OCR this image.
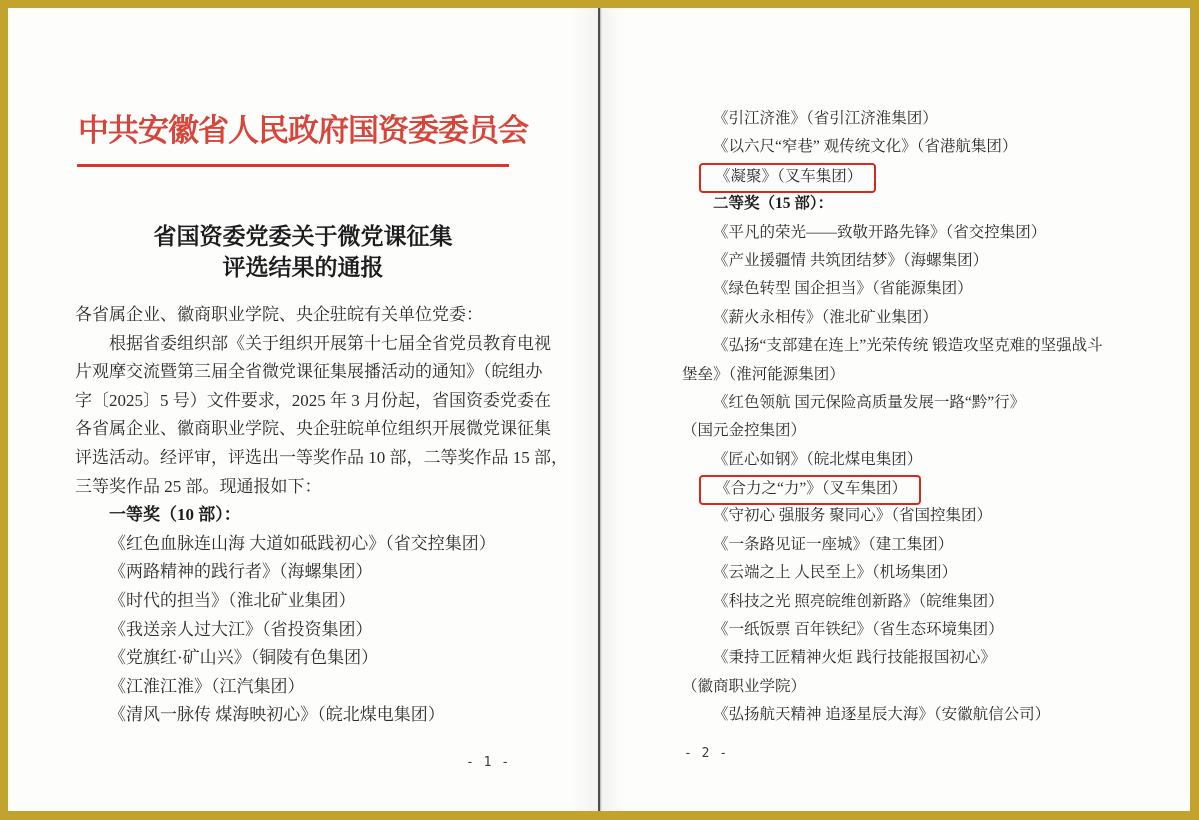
中共安徽省人民政府国资委委员会
省国资委党委关于微党课征集
评选结果的通报
各省属企业、徽商职业学院、央企驻皖有关单位党委：
根据省委组织部《关于组织开展第十七届全省党员教育电视
片观摩交流暨第三届全省微党课征集展播活动的通知》（皖组办
字〔2025〕5 号）文件要求，2025 年 3 月份起，省国资委党委在
各省属企业、徽商职业学院、央企驻皖单位组织开展微党课征集
评选活动。经评审，评选出一等奖作品 10 部，二等奖作品 15 部，
三等奖作品 25 部。现通报如下：
一等奖（10 部）：
《红色血脉连山海 大道如砥践初心》（省交控集团）
《两路精神的践行者》（海螺集团）
《时代的担当》（淮北矿业集团）
《我送亲人过大江》（省投资集团）
《党旗红·矿山兴》（铜陵有色集团）
《江淮江淮》（江汽集团）
《清风一脉传 煤海映初心》（皖北煤电集团）
- 1 -
《引江济淮》（省引江济淮集团）
《以六尺“窄巷” 观传统文化》（省港航集团）
《凝聚》（叉车集团）
二等奖（15 部）：
《平凡的荣光——致敬开路先锋》（省交控集团）
《产业援疆情 共筑团结梦》（海螺集团）
《绿色转型 国企担当》（省能源集团）
《薪火永相传》（淮北矿业集团）
《弘扬“支部建在连上”光荣传统 锻造攻坚克难的坚强战斗
堡垒》（淮河能源集团）
《红色领航 国元保险高质量发展一路“黔”行》
（国元金控集团）
《匠心如钢》（皖北煤电集团）
《合力之“力”》（叉车集团）
《守初心 强服务 聚同心》（省国控集团）
《一条路见证一座城》（建工集团）
《云端之上 人民至上》（机场集团）
《科技之光 照亮皖维创新路》（皖维集团）
《一纸饭票 百年铁纪》（省生态环境集团）
《秉持工匠精神火炬 践行技能报国初心》
（徽商职业学院）
《弘扬航天精神 追逐星辰大海》（安徽航信公司）
- 2 -
